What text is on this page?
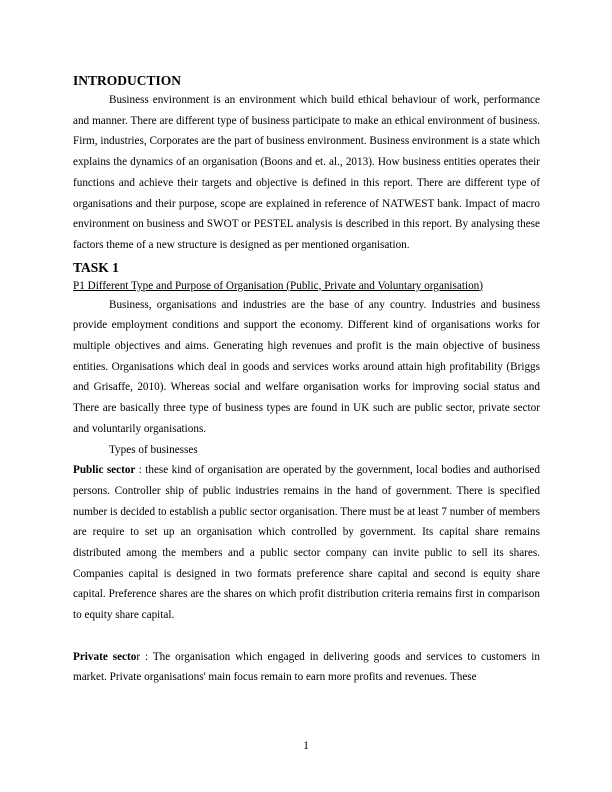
INTRODUCTION

Business environment is an environment which build ethical behaviour of work, performance and manner. There are different type of business participate to make an ethical environment of business. Firm, industries, Corporates are the part of business environment. Business environment is a state which explains the dynamics of an organisation (Boons and et. al., 2013). How business entities operates their functions and achieve their targets and objective is defined in this report. There are different type of organisations and their purpose, scope are explained in reference of NATWEST bank. Impact of macro environment on business and SWOT or PESTEL analysis is described in this report. By analysing these factors theme of a new structure is designed as per mentioned organisation.

TASK 1
P1 Different Type and Purpose of Organisation (Public, Private and Voluntary organisation)

Business, organisations and industries are the base of any country. Industries and business provide employment conditions and support the economy. Different kind of organisations works for multiple objectives and aims. Generating high revenues and profit is the main objective of business entities. Organisations which deal in goods and services works around attain high profitability (Briggs and Grisaffe, 2010). Whereas social and welfare organisation works for improving social status and There are basically three type of business types are found in UK such are public sector, private sector and voluntarily organisations.

Types of businesses

Public sector : these kind of organisation are operated by the government, local bodies and authorised persons. Controller ship of public industries remains in the hand of government. There is specified number is decided to establish a public sector organisation. There must be at least 7 number of members are require to set up an organisation which controlled by government. Its capital share remains distributed among the members and a public sector company can invite public to sell its shares. Companies capital is designed in two formats preference share capital and second is equity share capital. Preference shares are the shares on which profit distribution criteria remains first in comparison to equity share capital.

Private sector : The organisation which engaged in delivering goods and services to customers in market. Private organisations' main focus remain to earn more profits and revenues. These

1
